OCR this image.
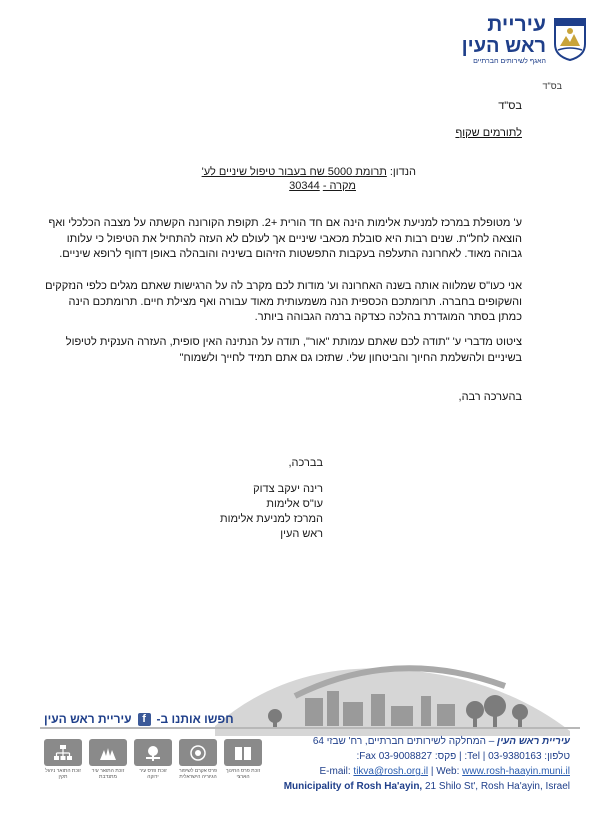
עיריית
ראש העין
האגף לשירותים חברתיים
בס"ד
בס"ד
לתורמים שקוף
הנדון: תרומת 5000 שח בעבור טיפול שיניים לע'
מקרה - 30344
ע' מטופלת במרכז למניעת אלימות הינה אם חד הורית +2. תקופת הקורונה הקשתה על מצבה הכלכלי ואף הוצאה לחל"ת. שנים רבות היא סובלת מכאבי שיניים אך לעולם לא העזה להתחיל את הטיפול כי עלותו גבוהה מאוד. לאחרונה התעלפה בעקבות התפשטות הזיהום בשיניה והובהלה באופן דחוף לרופא שיניים.
אני כעו"ס שמלווה אותה בשנה האחרונה וע' מודות לכם מקרב לה על הרגישות שאתם מגלים כלפי הנזקקים והשקופים בחברה. תרומתכם הכספית הנה משמעותית מאוד עבורה ואף מצילת חיים. תרומתכם הינה כמתן בסתר המוגדרת בהלכה כצדקה ברמה הגבוהה ביותר.
ציטוט מדברי ע' "תודה לכם שאתם עמותת "אור", תודה על הנתינה האין סופית, העזרה הענקית לטיפול בשיניים ולהשלמת החיוך והביטחון שלי. שתזכו גם אתם תמיד לחייך ולשמוח"
בהערכה רבה,
בברכה,
רינה יעקב צדוק
עו"ס אלימות
המרכז למניעת אלימות
ראש העין
חפשו אותנו ב-
f
עיריית ראש העין
זוכת התואר ניהול תקין
זוכת התואר עיר מתנדבת
זוכת פרס עיר ירוקה
פרס אקרם לשיפור הגיוריה הישראלית
זוכת פרס החינוך הארצי
עיריית ראש העין – המחלקה לשירותים חברתיים, רח' שבזי 64
טלפון: 03-9380163 | Tel: | פקס: 03-9008827 Fax:
E-mail: tikva@rosh.org.il | Web: www.rosh-haayin.muni.il
Municipality of Rosh Ha'ayin, 21 Shilo St', Rosh Ha'ayin, Israel
